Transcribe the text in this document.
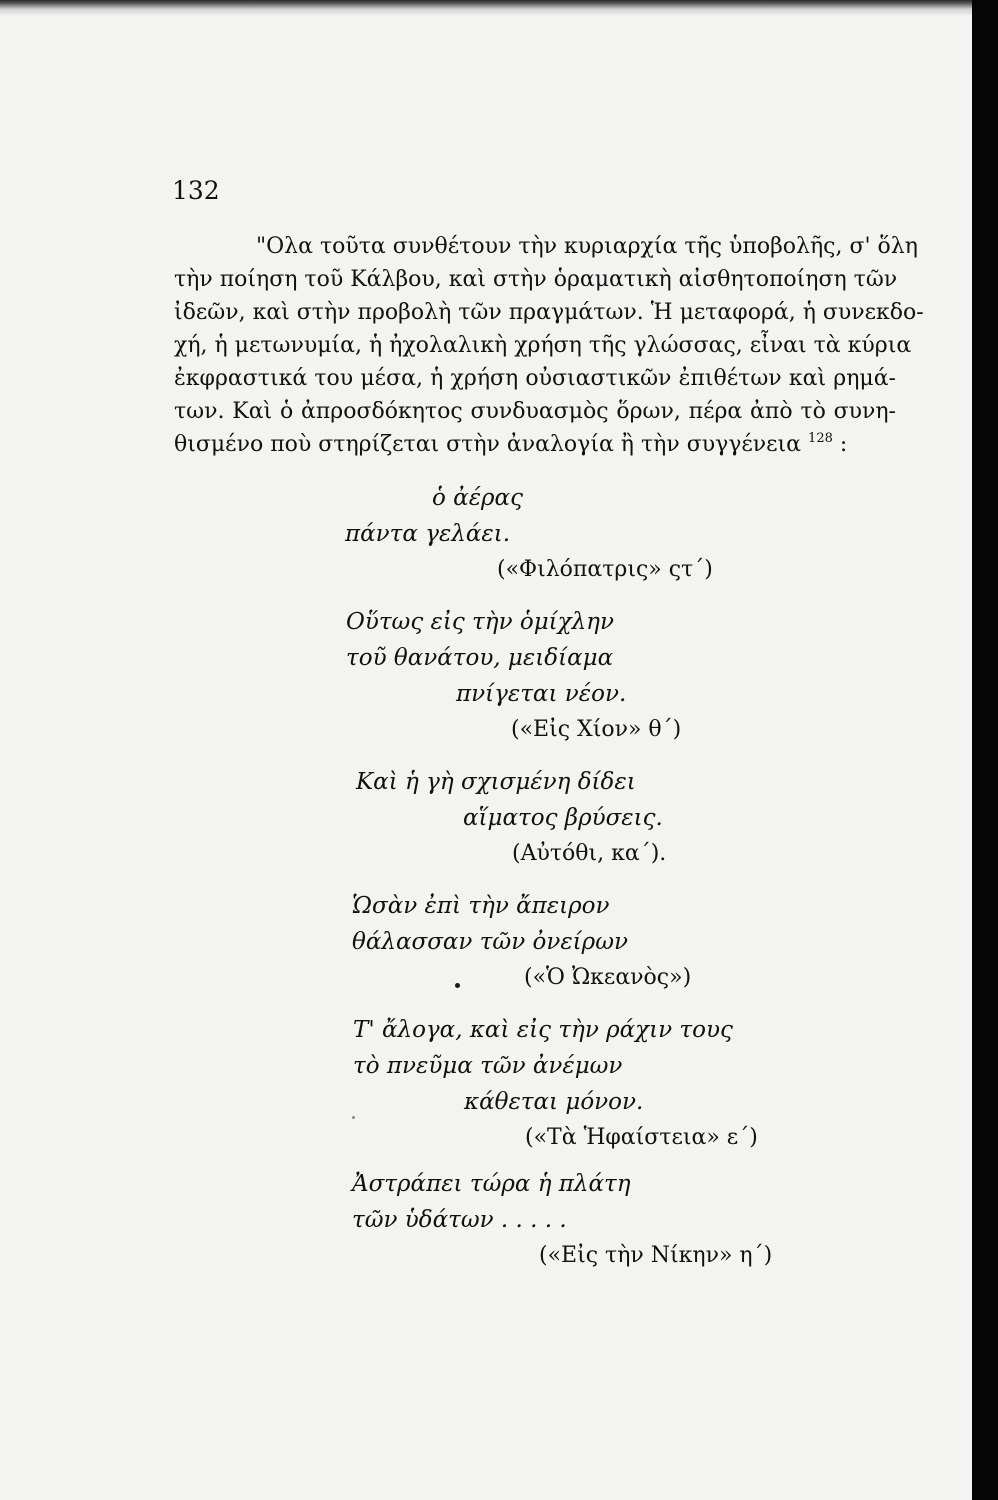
132

"Ολα τοῦτα συνθέτουν τὴν κυριαρχία τῆς ὑποβολῆς, σ' ὅλη
τὴν ποίηση τοῦ Κάλβου, καὶ στὴν ὁραματικὴ αἰσθητοποίηση τῶν
ἰδεῶν, καὶ στὴν προβολὴ τῶν πραγμάτων. Ἡ μεταφορά, ἡ συνεκδο-
χή, ἡ μετωνυμία, ἡ ἠχολαλικὴ χρήση τῆς γλώσσας, εἶναι τὰ κύρια
ἐκφραστικά του μέσα, ἡ χρήση οὐσιαστικῶν ἐπιθέτων καὶ ρημά-
των. Καὶ ὁ ἀπροσδόκητος συνδυασμὸς ὅρων, πέρα ἀπὸ τὸ συνη-
θισμένο ποὺ στηρίζεται στὴν ἀναλογία ἢ τὴν συγγένεια $^{128}$ :

ὁ ἀέρας
πάντα γελάει.
(«Φιλόπατρις» ςτ΄)
Οὕτως εἰς τὴν ὁμίχλην
τοῦ θανάτου, μειδίαμα
πνίγεται νέον.
(«Εἰς Χίον» θ΄)
Καὶ ἡ γὴ σχισμένη δίδει
αἵματος βρύσεις.
(Αὐτόθι, κα΄).
Ὡσὰν ἐπὶ τὴν ἄπειρον
θάλασσαν τῶν ὀνείρων
(«Ὁ Ὠκεανὸς»)
Τ' ἄλογα, καὶ εἰς τὴν ράχιν τους
τὸ πνεῦμα τῶν ἀνέμων
κάθεται μόνον.
(«Τὰ Ἡφαίστεια» ε΄)
Ἀστράπει τώρα ἡ πλάτη
τῶν ὑδάτων . . . . .
(«Εἰς τὴν Νίκην» η΄)
